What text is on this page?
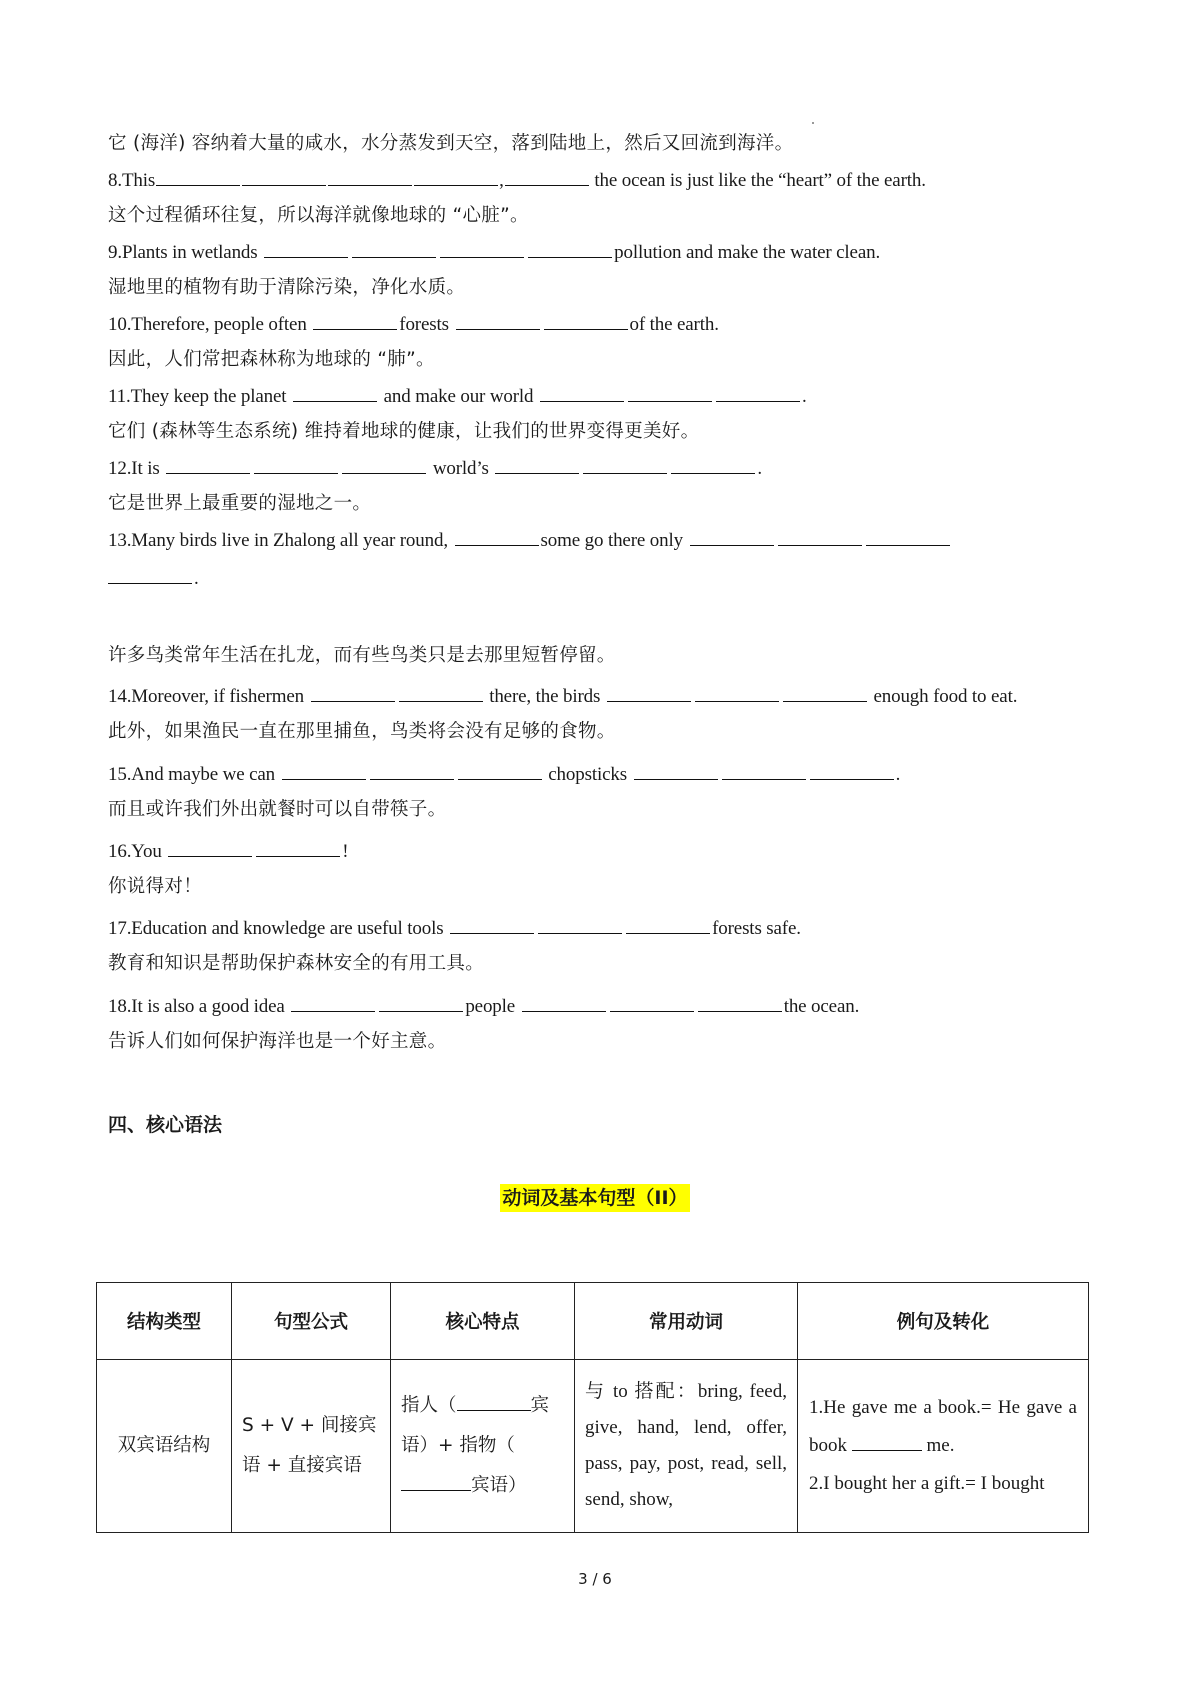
它 (海洋) 容纳着大量的咸水，水分蒸发到天空，落到陆地上，然后又回流到海洋。
8.This	,	the ocean is just like the “heart” of the earth.
这个过程循环往复，所以海洋就像地球的 “心脏”。
9.Plants in wetlands	pollution and make the water clean.
湿地里的植物有助于清除污染，净化水质。
10.Therefore, people often	forests	of the earth.
因此，人们常把森林称为地球的 “肺”。
11.They keep the planet	and make our world	.
它们 (森林等生态系统) 维持着地球的健康，让我们的世界变得更美好。
12.It is	world’s	.
它是世界上最重要的湿地之一。
13.Many birds live in Zhalong all year round,	some go there only
.
许多鸟类常年生活在扎龙，而有些鸟类只是去那里短暂停留。
14.Moreover, if fishermen	there, the birds	enough food to eat.
此外，如果渔民一直在那里捕鱼，鸟类将会没有足够的食物。
15.And maybe we can	chopsticks	.
而且或许我们外出就餐时可以自带筷子。
16.You	!
你说得对！
17.Education and knowledge are useful tools	forests safe.
教育和知识是帮助保护森林安全的有用工具。
18.It is also a good idea	people	the ocean.
告诉人们如何保护海洋也是一个好主意。
四、核心语法
动词及基本句型（II）
结构类型	句型公式	核心特点	常用动词	例句及转化
双宾语结构	S + V + 间接宾语 + 直接宾语	指人（ 宾语）+ 指物（宾语）	与 to 搭配：bring, feed, give, hand, lend, offer, pass, pay, post, read, sell, send, show,	1.He gave me a book.= He gave a book me.
2.I bought her a gift.= I bought
3 / 6
